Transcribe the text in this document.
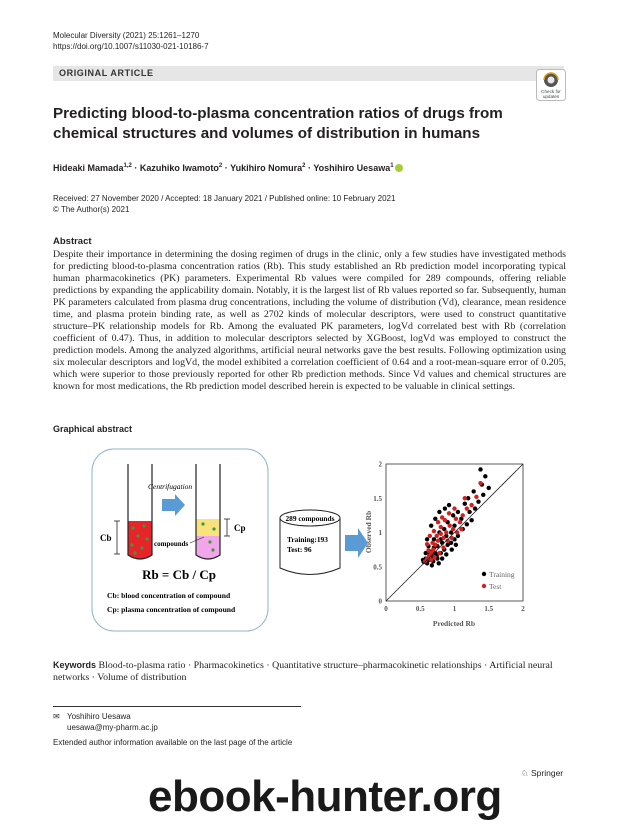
Molecular Diversity (2021) 25:1261–1270
https://doi.org/10.1007/s11030-021-10186-7
ORIGINAL ARTICLE
Check for
updates
Predicting blood-to-plasma concentration ratios of drugs from chemical structures and volumes of distribution in humans
Hideaki Mamada$^{1,2}$ · Kazuhiko Iwamoto$^2$ · Yukihiro Nomura$^2$ · Yoshihiro Uesawa$^1$
Received: 27 November 2020 / Accepted: 18 January 2021 / Published online: 10 February 2021
© The Author(s) 2021
Abstract
Despite their importance in determining the dosing regimen of drugs in the clinic, only a few studies have investigated methods for predicting blood-to-plasma concentration ratios (Rb). This study established an Rb prediction model incorporating typical human pharmacokinetics (PK) parameters. Experimental Rb values were compiled for 289 compounds, offering reliable predictions by expanding the applicability domain. Notably, it is the largest list of Rb values reported so far. Subsequently, human PK parameters calculated from plasma drug concentrations, including the volume of distribution (Vd), clearance, mean residence time, and plasma protein binding rate, as well as 2702 kinds of molecular descriptors, were used to construct quantitative structure–PK relationship models for Rb. Among the evaluated PK parameters, logVd correlated best with Rb (correlation coefficient of 0.47). Thus, in addition to molecular descriptors selected by XGBoost, logVd was employed to construct the prediction models. Among the analyzed algorithms, artificial neural networks gave the best results. Following optimization using six molecular descriptors and logVd, the model exhibited a correlation coefficient of 0.64 and a root-mean-square error of 0.205, which were superior to those previously reported for other Rb prediction methods. Since Vd values and chemical structures are known for most medications, the Rb prediction model described herein is expected to be valuable in clinical settings.
Graphical abstract
Cb
Centrifugation
Cp
compounds
Rb = Cb / Cp
Cb: blood concentration of compound
Cp: plasma concentration of compound
289 compounds
Training:193
Test: 96
0	0.5	1	1.5	2
0
0.5
1
1.5
2
Training
Test
Predicted Rb
Observed Rb
Keywords Blood-to-plasma ratio · Pharmacokinetics · Quantitative structure–pharmacokinetic relationships · Artificial neural networks · Volume of distribution
✉ Yoshihiro Uesawa
uesawa@my-pharm.ac.jp
Extended author information available on the last page of the article
♘ Springer
ebook-hunter.org
